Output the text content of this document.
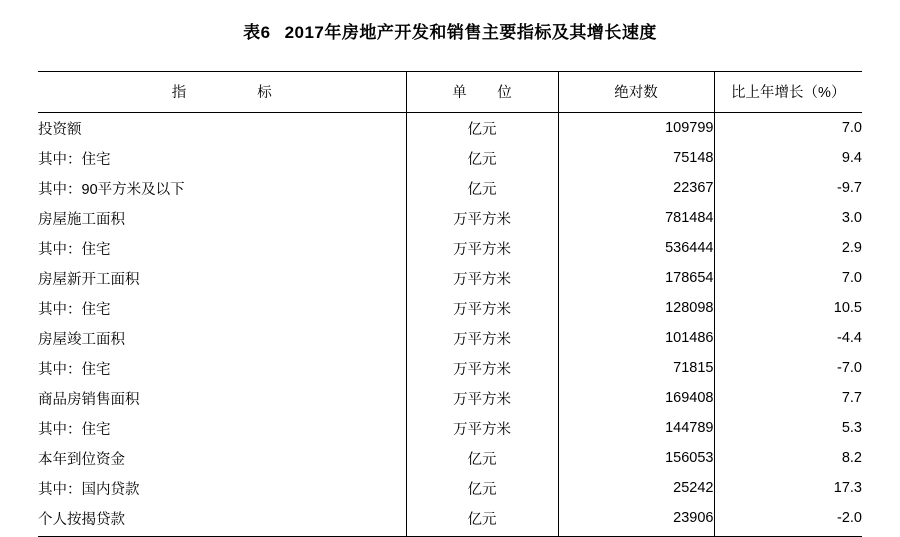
表6 2017年房地产开发和销售主要指标及其增长速度
指　　标	单　位	绝对数	比上年增长（%）
投资额	亿元	109799	7.0
其中：住宅	亿元	75148	9.4
其中：90平方米及以下	亿元	22367	-9.7
房屋施工面积	万平方米	781484	3.0
其中：住宅	万平方米	536444	2.9
房屋新开工面积	万平方米	178654	7.0
其中：住宅	万平方米	128098	10.5
房屋竣工面积	万平方米	101486	-4.4
其中：住宅	万平方米	71815	-7.0
商品房销售面积	万平方米	169408	7.7
其中：住宅	万平方米	144789	5.3
本年到位资金	亿元	156053	8.2
其中：国内贷款	亿元	25242	17.3
个人按揭贷款	亿元	23906	-2.0
